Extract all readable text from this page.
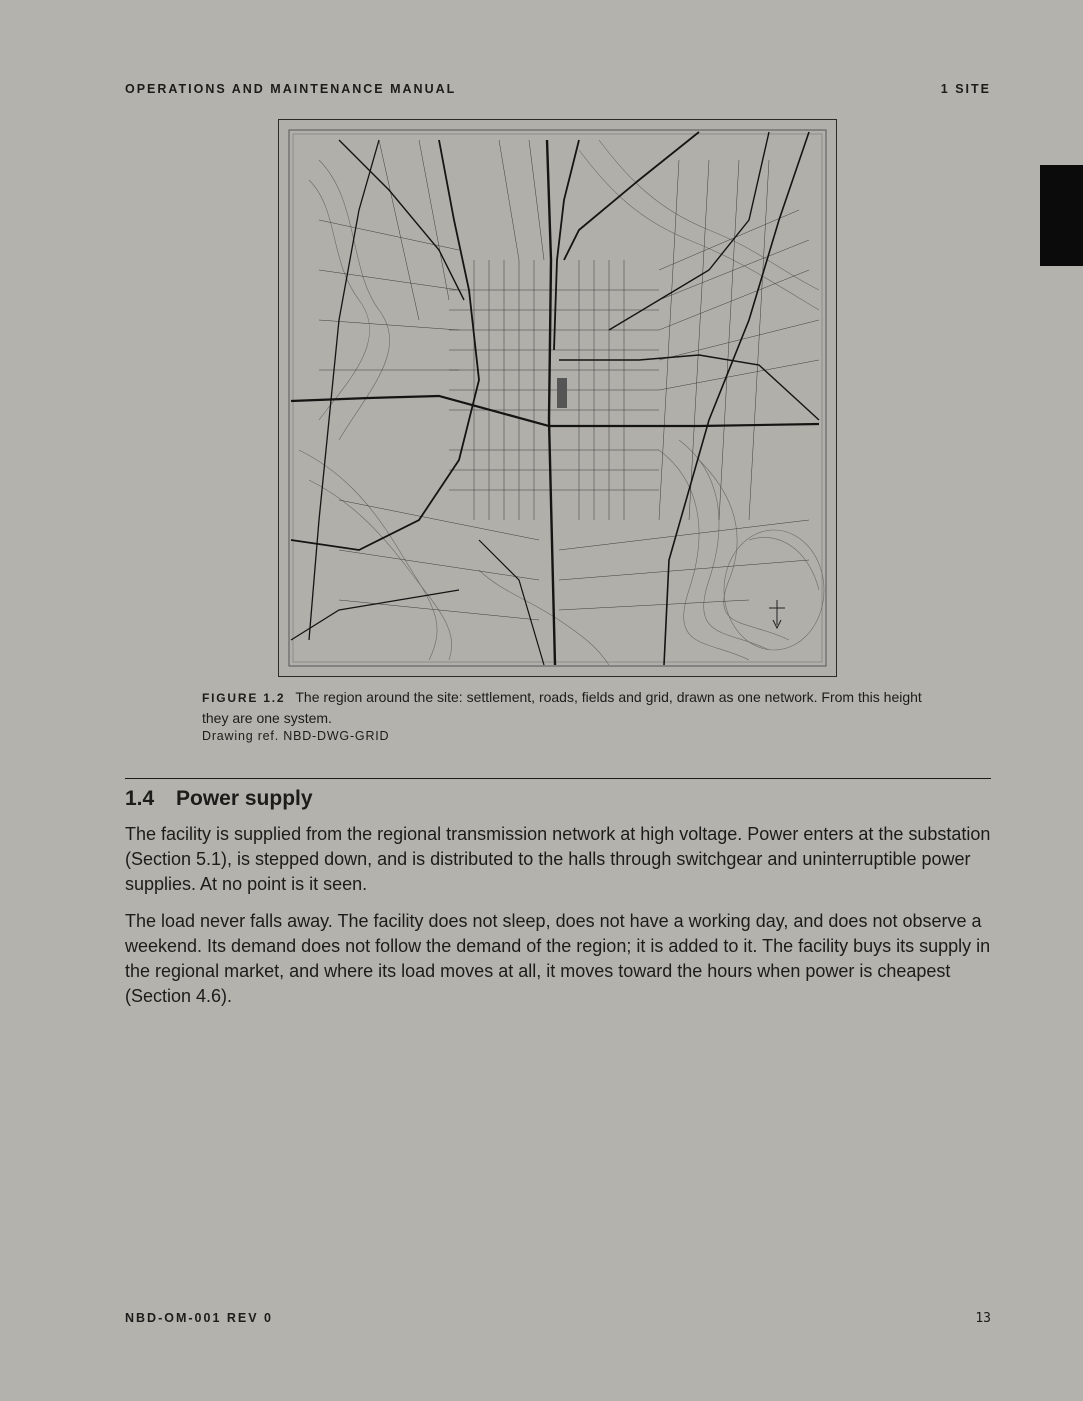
OPERATIONS AND MAINTENANCE MANUAL	1 SITE
FIGURE 1.2 The region around the site: settlement, roads, fields and grid, drawn as one network. From this height they are one system.
Drawing ref. NBD-DWG-GRID
1.4	Power supply

The facility is supplied from the regional transmission network at high voltage. Power enters at the substation (Section 5.1), is stepped down, and is distributed to the halls through switchgear and uninterruptible power supplies. At no point is it seen.

The load never falls away. The facility does not sleep, does not have a working day, and does not observe a weekend. Its demand does not follow the demand of the region; it is added to it. The facility buys its supply in the regional market, and where its load moves at all, it moves toward the hours when power is cheapest (Section 4.6).

NBD-OM-001 REV 0	13
